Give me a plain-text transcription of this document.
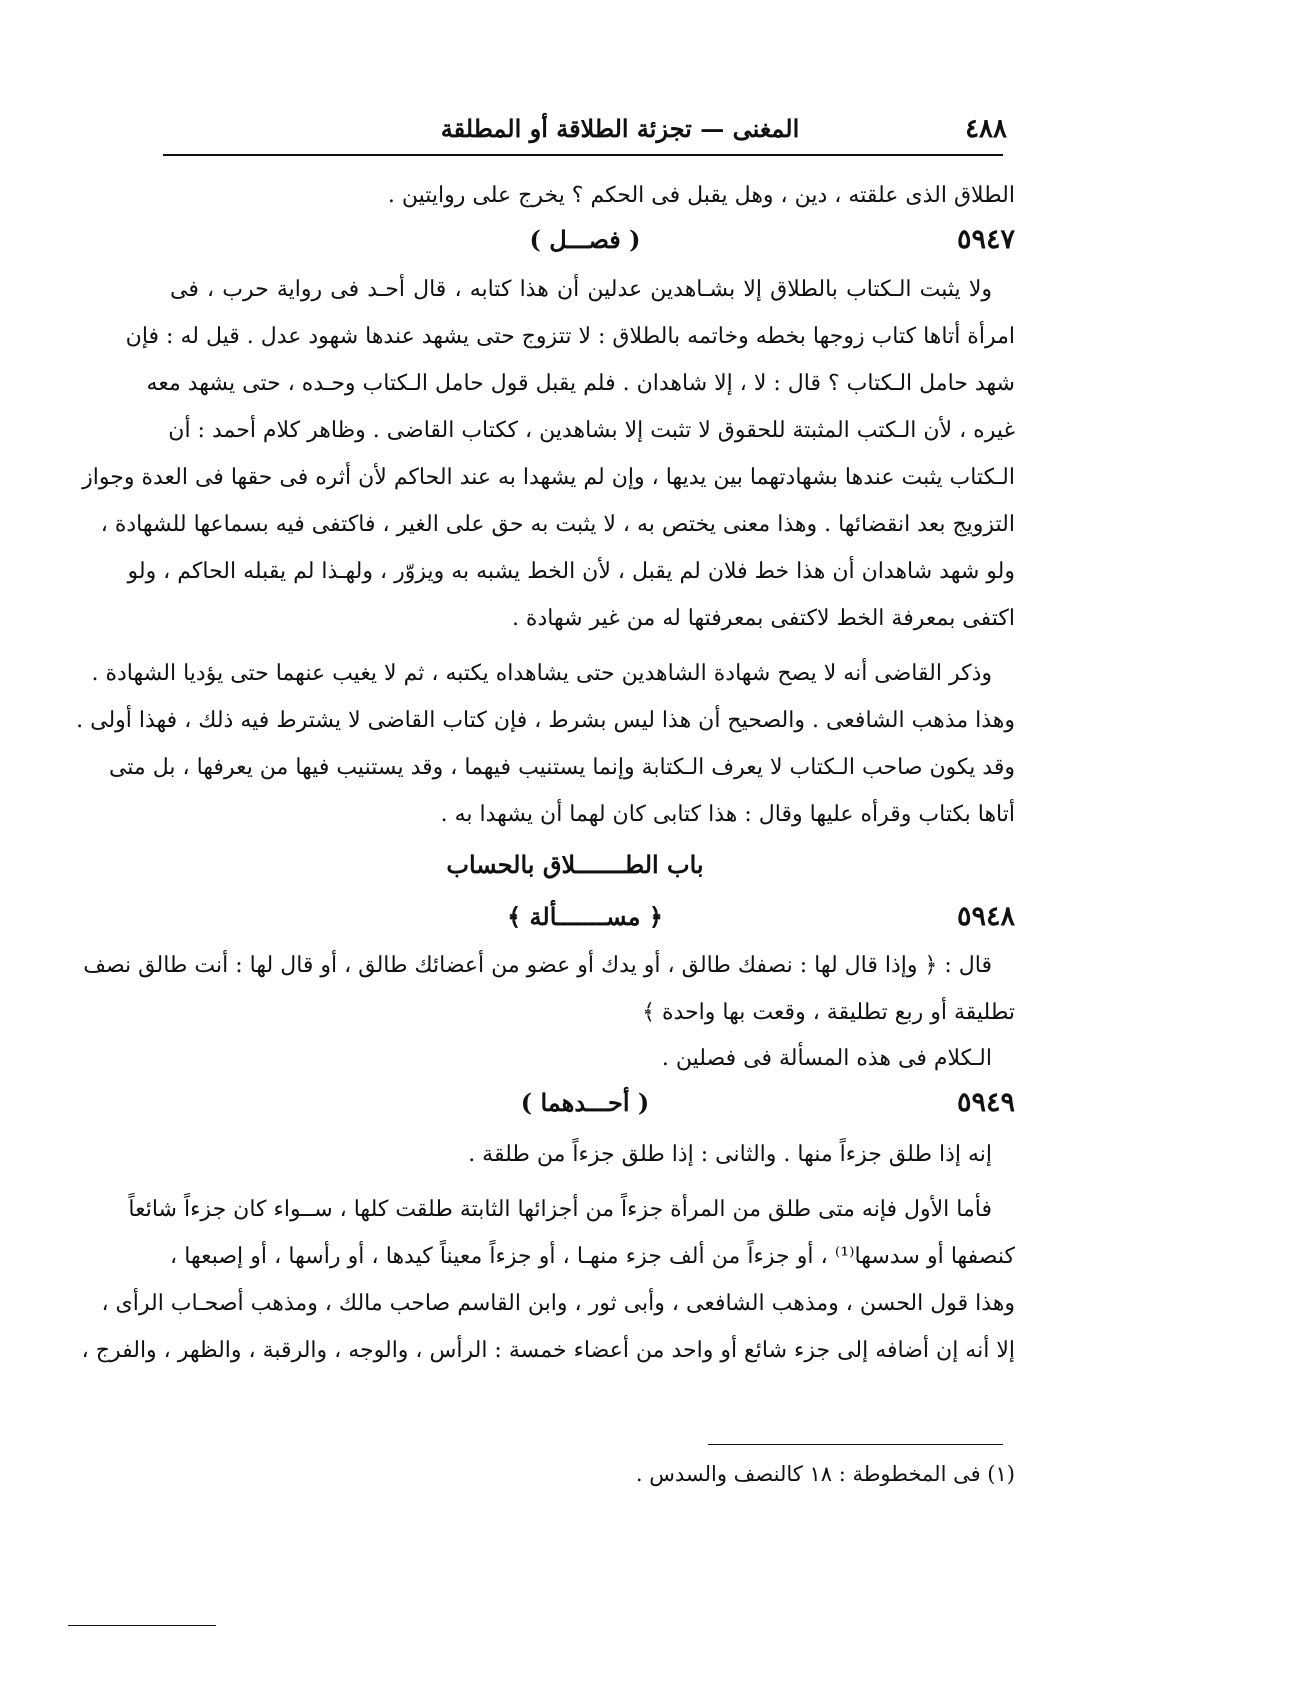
٤٨٨
المغنى — تجزئة الطلاقة أو المطلقة
الطلاق الذى علقته ، دين ، وهل يقبل فى الحكم ؟ يخرج على روايتين .
٥٩٤٧
( فصـــل )
ولا يثبت الـكتاب بالطلاق إلا بشـاهدين عدلين أن هذا كتابه ، قال أحـد فى رواية حرب ، فى
امرأة أتاها كتاب زوجها بخطه وخاتمه بالطلاق : لا تتزوج حتى يشهد عندها شهود عدل . قيل له : فإن
شهد حامل الـكتاب ؟ قال : لا ، إلا شاهدان . فلم يقبل قول حامل الـكتاب وحـده ، حتى يشهد معه
غيره ، لأن الـكتب المثبتة للحقوق لا تثبت إلا بشاهدين ، ككتاب القاضى . وظاهر كلام أحمد : أن
الـكتاب يثبت عندها بشهادتهما بين يديها ، وإن لم يشهدا به عند الحاكم لأن أثره فى حقها فى العدة وجواز
التزويج بعد انقضائها . وهذا معنى يختص به ، لا يثبت به حق على الغير ، فاكتفى فيه بسماعها للشهادة ،
ولو شهد شاهدان أن هذا خط فلان لم يقبل ، لأن الخط يشبه به ويزوّر ، ولهـذا لم يقبله الحاكم ، ولو
اكتفى بمعرفة الخط لاكتفى بمعرفتها له من غير شهادة .
وذكر القاضى أنه لا يصح شهادة الشاهدين حتى يشاهداه يكتبه ، ثم لا يغيب عنهما حتى يؤديا الشهادة .
وهذا مذهب الشافعى . والصحيح أن هذا ليس بشرط ، فإن كتاب القاضى لا يشترط فيه ذلك ، فهذا أولى .
وقد يكون صاحب الـكتاب لا يعرف الـكتابة وإنما يستنيب فيهما ، وقد يستنيب فيها من يعرفها ، بل متى
أتاها بكتاب وقرأه عليها وقال : هذا كتابى كان لهما أن يشهدا به .
باب الطـــــــلاق بالحساب
٥٩٤٨
﴿ مســـــــألة ﴾
قال : ﴿ وإذا قال لها : نصفك طالق ، أو يدك أو عضو من أعضائك طالق ، أو قال لها : أنت طالق نصف
تطليقة أو ربع تطليقة ، وقعت بها واحدة ﴾
الـكلام فى هذه المسألة فى فصلين .
٥٩٤٩
( أحـــدهما )
إنه إذا طلق جزءاً منها . والثانى : إذا طلق جزءاً من طلقة .
فأما الأول فإنه متى طلق من المرأة جزءاً من أجزائها الثابتة طلقت كلها ، ســواء كان جزءاً شائعاً
كنصفها أو سدسها⁽¹⁾ ، أو جزءاً من ألف جزء منهـا ، أو جزءاً معيناً كيدها ، أو رأسها ، أو إصبعها ،
وهذا قول الحسن ، ومذهب الشافعى ، وأبى ثور ، وابن القاسم صاحب مالك ، ومذهب أصحـاب الرأى ،
إلا أنه إن أضافه إلى جزء شائع أو واحد من أعضاء خمسة : الرأس ، والوجه ، والرقبة ، والظهر ، والفرج ،
(١) فى المخطوطة : ١٨ كالنصف والسدس .
